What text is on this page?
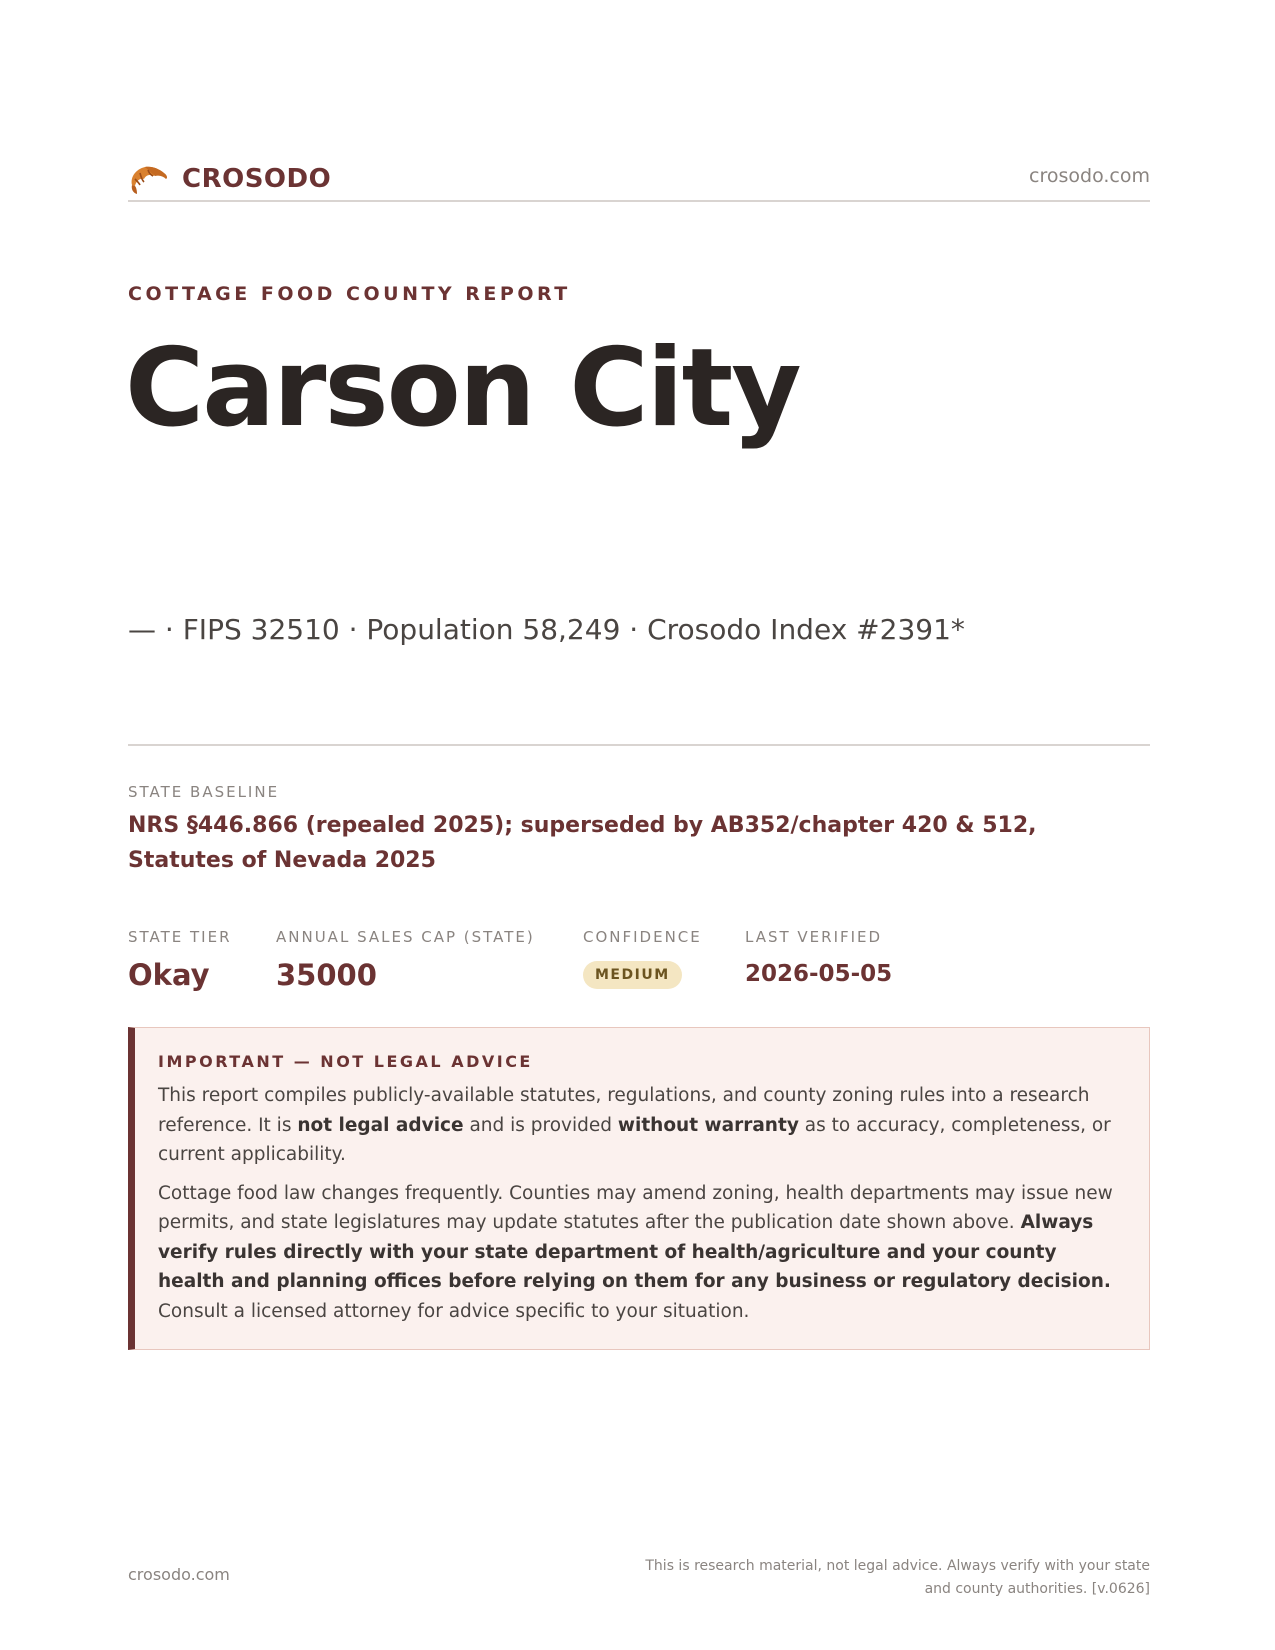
CROSODO	crosodo.com
COTTAGE FOOD COUNTY REPORT
Carson City
— · FIPS 32510 · Population 58,249 · Crosodo Index #2391*
STATE BASELINE
NRS §446.866 (repealed 2025); superseded by AB352/chapter 420 & 512, Statutes of Nevada 2025
STATE TIER
Okay
ANNUAL SALES CAP (STATE)
35000
CONFIDENCE
MEDIUM
LAST VERIFIED
2026-05-05
IMPORTANT — NOT LEGAL ADVICE

This report compiles publicly-available statutes, regulations, and county zoning rules into a research reference. It is not legal advice and is provided without warranty as to accuracy, completeness, or current applicability.

Cottage food law changes frequently. Counties may amend zoning, health departments may issue new permits, and state legislatures may update statutes after the publication date shown above. Always verify rules directly with your state department of health/agriculture and your county health and planning offices before relying on them for any business or regulatory decision. Consult a licensed attorney for advice specific to your situation.

crosodo.com	This is research material, not legal advice. Always verify with your state and county authorities. [v.0626]
